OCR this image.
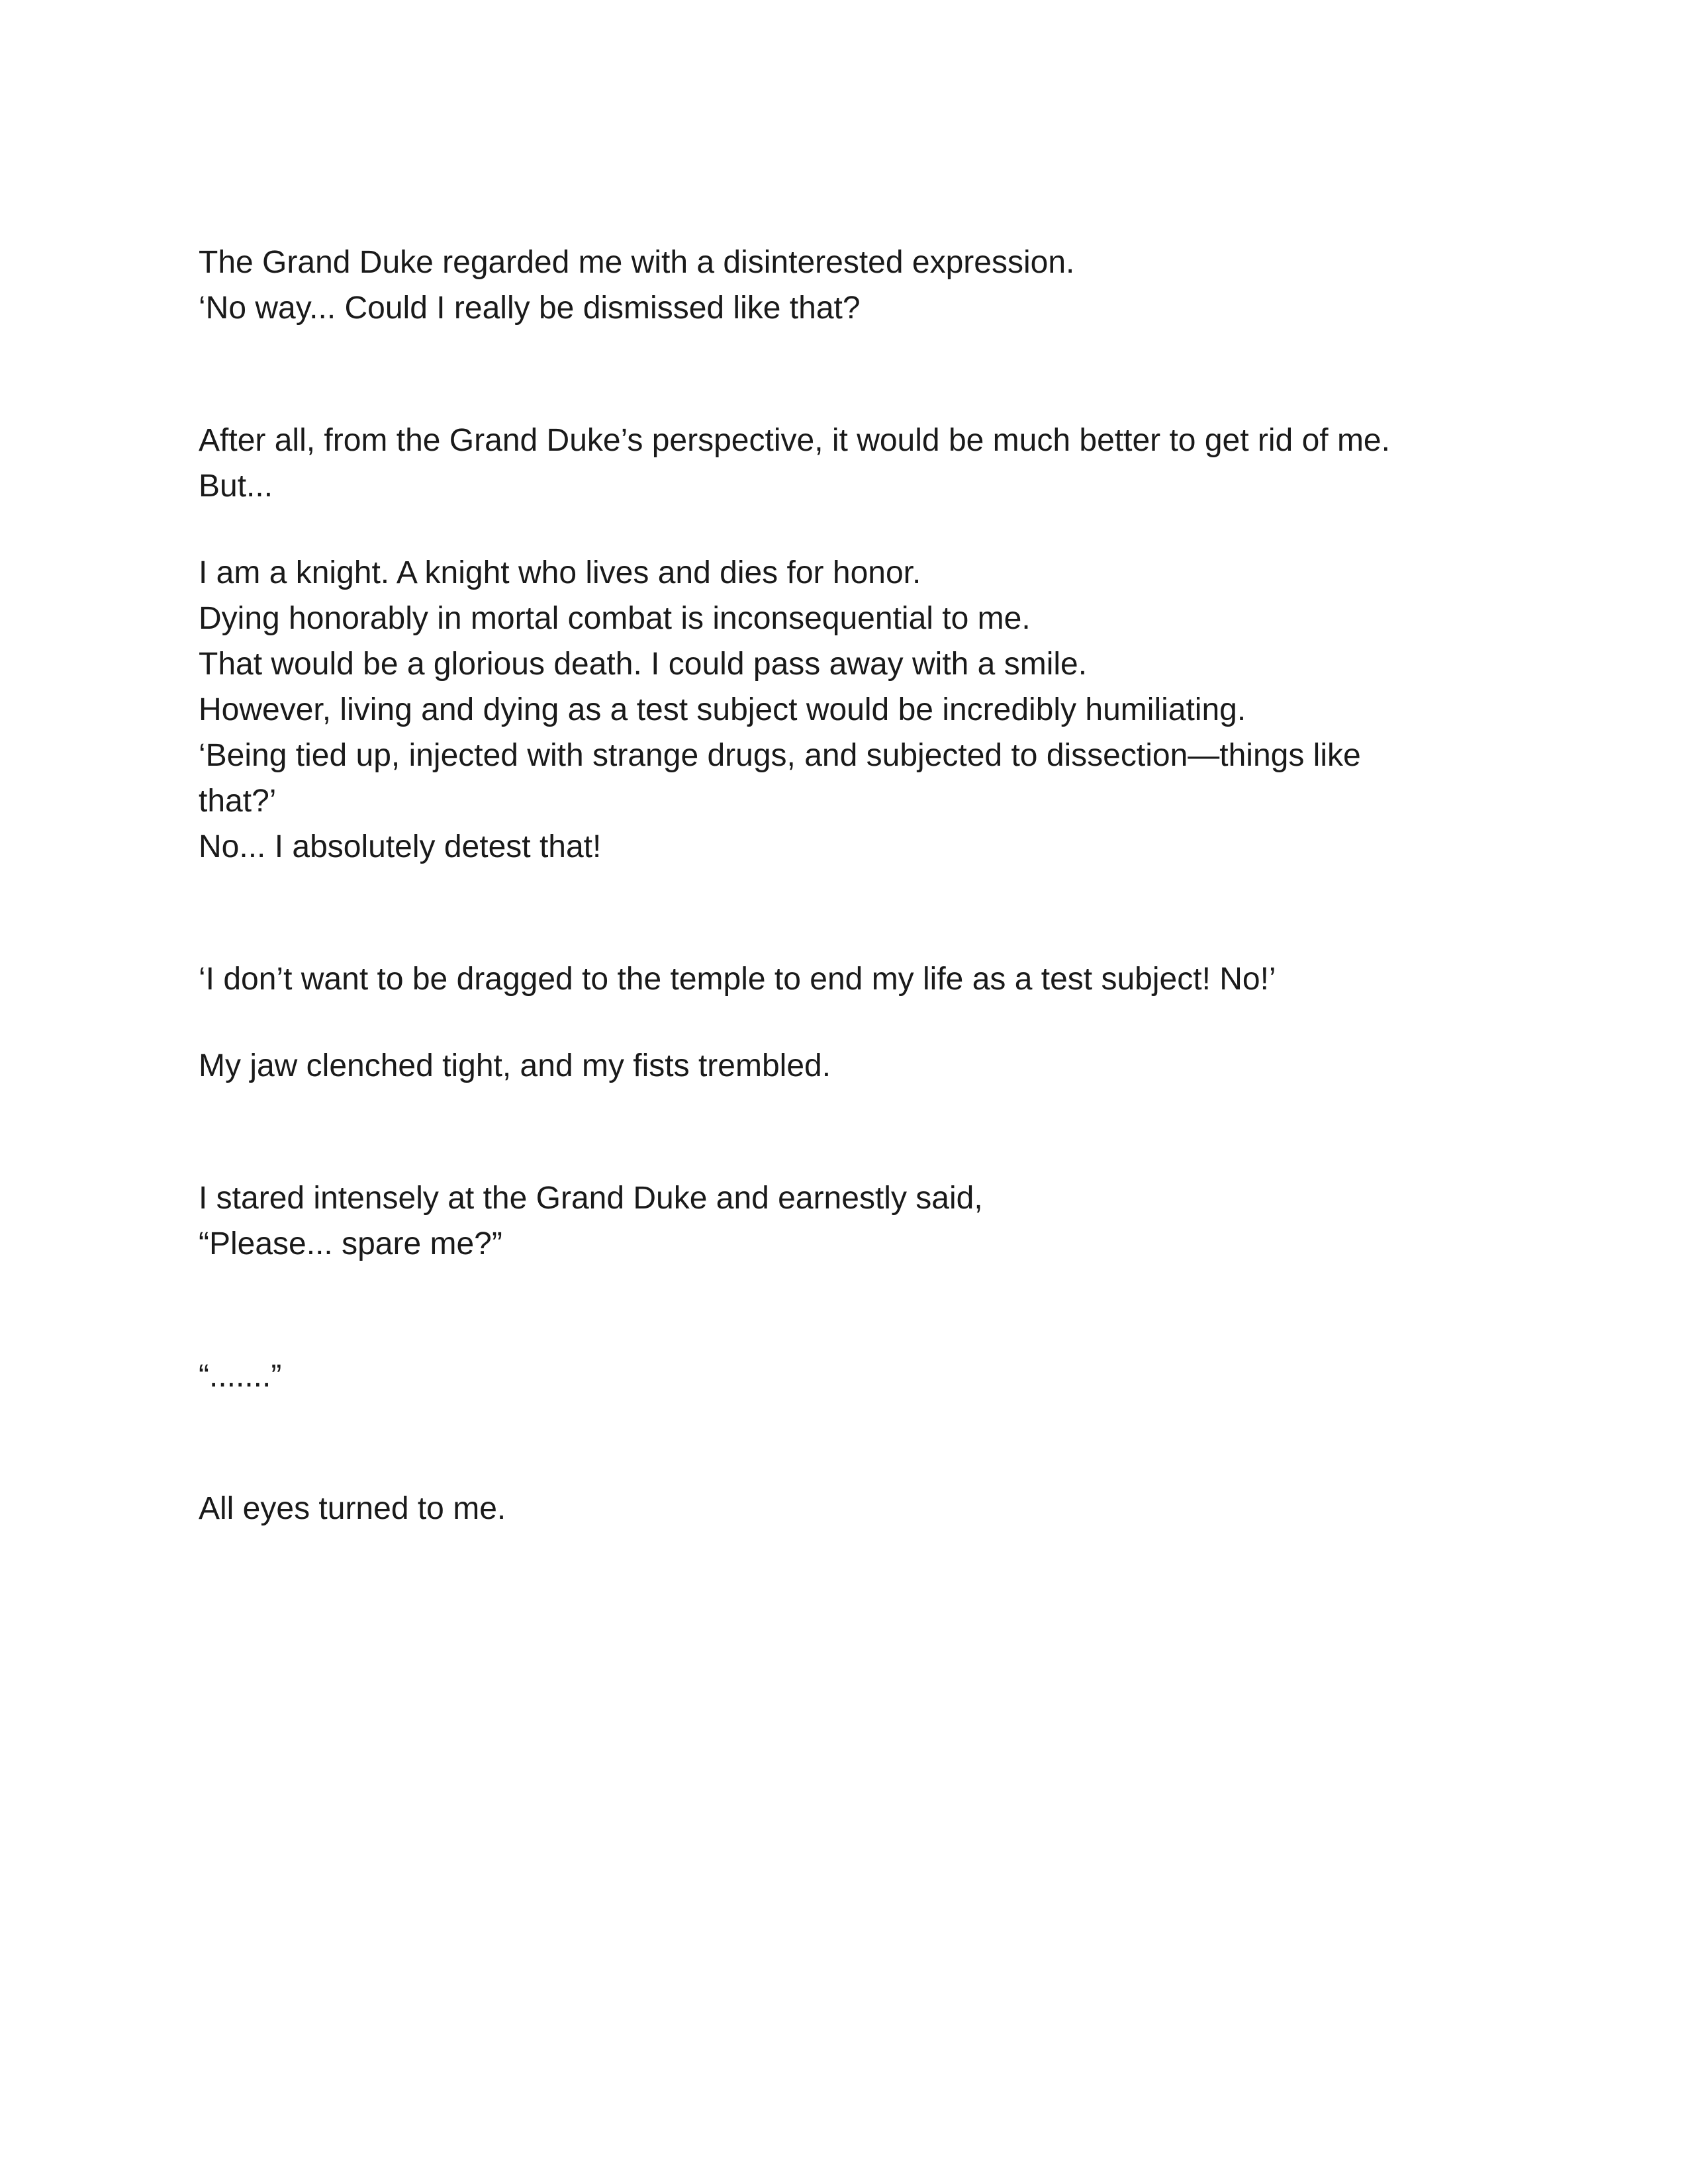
The Grand Duke regarded me with a disinterested expression.
‘No way... Could I really be dismissed like that?
After all, from the Grand Duke’s perspective, it would be much better to get rid of me.
But...
I am a knight. A knight who lives and dies for honor.
Dying honorably in mortal combat is inconsequential to me.
That would be a glorious death. I could pass away with a smile.
However, living and dying as a test subject would be incredibly humiliating.
‘Being tied up, injected with strange drugs, and subjected to dissection—things like
that?’
No... I absolutely detest that!
‘I don’t want to be dragged to the temple to end my life as a test subject! No!’
My jaw clenched tight, and my fists trembled.
I stared intensely at the Grand Duke and earnestly said,
“Please... spare me?”
“.......”
All eyes turned to me.
